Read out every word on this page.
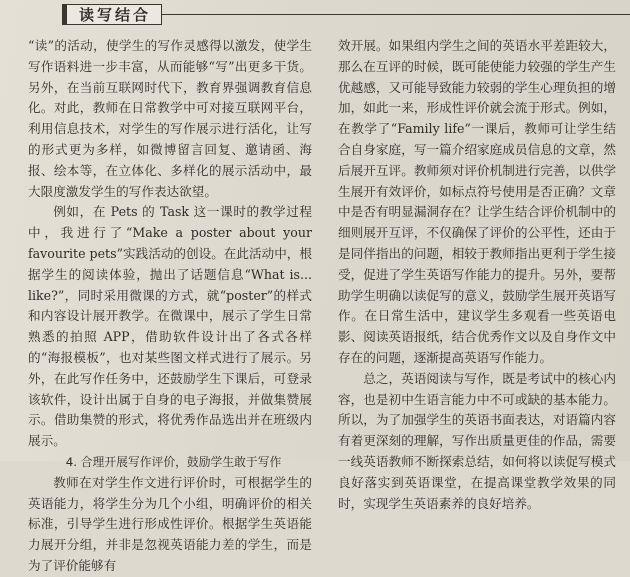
读写结合

“读”的活动，使学生的写作灵感得以激发，使学生写作语料进一步丰富，从而能够“写”出更多干货。另外，在当前互联网时代下，教育界强调教育信息化。对此，教师在日常教学中可对接互联网平台，利用信息技术，对学生的写作展示进行活化，让写的形式更为多样，如微博留言回复、邀请函、海报、绘本等，在立体化、多样化的展示活动中，最大限度激发学生的写作表达欲望。

例如，在 Pets 的 Task 这一课时的教学过程中，我进行了“Make a poster about your favourite pets”实践活动的创设。在此活动中，根据学生的阅读体验，抛出了话题信息“What is... like?”，同时采用微课的方式，就“poster”的样式和内容设计展开教学。在微课中，展示了学生日常熟悉的拍照 APP，借助软件设计出了各式各样的“海报模板”，也对某些图文样式进行了展示。另外，在此写作任务中，还鼓励学生下课后，可登录该软件，设计出属于自身的电子海报，并做集赞展示。借助集赞的形式，将优秀作品选出并在班级内展示。

4. 合理开展写作评价，鼓励学生敢于写作

教师在对学生作文进行评价时，可根据学生的英语能力，将学生分为几个小组，明确评价的相关标准，引导学生进行形成性评价。根据学生英语能力展开分组，并非是忽视英语能力差的学生，而是为了评价能够有

效开展。如果组内学生之间的英语水平差距较大，那么在互评的时候，既可能使能力较强的学生产生优越感，又可能导致能力较弱的学生心理负担的增加，如此一来，形成性评价就会流于形式。例如，在教学了“Family life”一课后，教师可让学生结合自身家庭，写一篇介绍家庭成员信息的文章，然后展开互评。教师须对评价机制进行完善，以供学生展开有效评价，如标点符号使用是否正确？文章中是否有明显漏洞存在？让学生结合评价机制中的细则展开互评，不仅确保了评价的公平性，还由于是同伴指出的问题，相较于教师指出更利于学生接受，促进了学生英语写作能力的提升。另外，要帮助学生明确以读促写的意义，鼓励学生展开英语写作。在日常生活中，建议学生多观看一些英语电影、阅读英语报纸，结合优秀作文以及自身作文中存在的问题，逐渐提高英语写作能力。

总之，英语阅读与写作，既是考试中的核心内容，也是初中生语言能力中不可或缺的基本能力。所以，为了加强学生的英语书面表达，对语篇内容有着更深刻的理解，写作出质量更佳的作品，需要一线英语教师不断探索总结，如何将以读促写模式良好落实到英语课堂，在提高课堂教学效果的同时，实现学生英语素养的良好培养。
